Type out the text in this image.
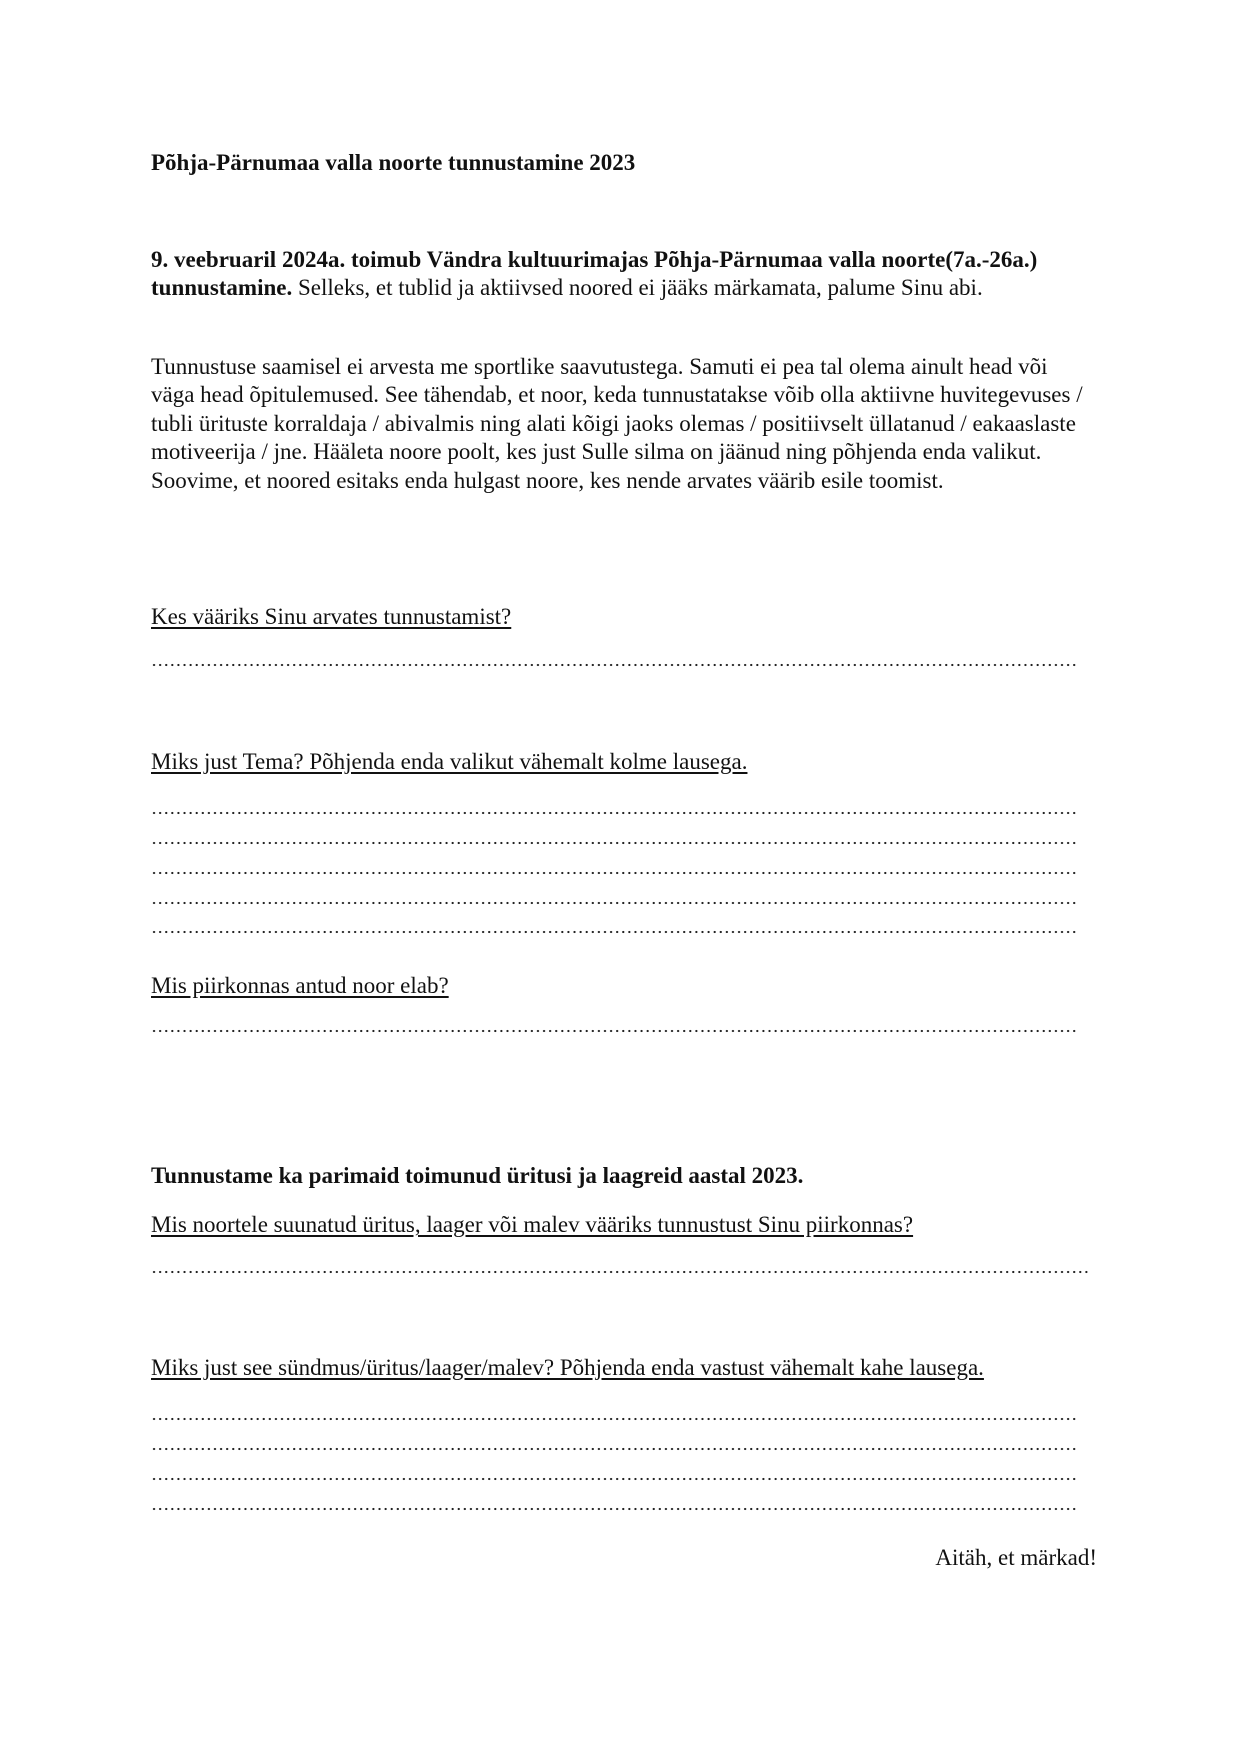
Põhja-Pärnumaa valla noorte tunnustamine 2023
9. veebruaril 2024a. toimub Vändra kultuurimajas Põhja-Pärnumaa valla noorte(7a.-26a.) tunnustamine. Selleks, et tublid ja aktiivsed noored ei jääks märkamata, palume Sinu abi.
Tunnustuse saamisel ei arvesta me sportlike saavutustega. Samuti ei pea tal olema ainult head või väga head õpitulemused. See tähendab, et noor, keda tunnustatakse võib olla aktiivne huvitegevuses / tubli ürituste korraldaja / abivalmis ning alati kõigi jaoks olemas / positiivselt üllatanud / eakaaslaste motiveerija / jne. Hääleta noore poolt, kes just Sulle silma on jäänud ning põhjenda enda valikut. Soovime, et noored esitaks enda hulgast noore, kes nende arvates väärib esile toomist.
Kes vääriks Sinu arvates tunnustamist?
Miks just Tema? Põhjenda enda valikut vähemalt kolme lausega.
Mis piirkonnas antud noor elab?
Tunnustame ka parimaid toimunud üritusi ja laagreid aastal 2023.
Mis noortele suunatud üritus, laager või malev vääriks tunnustust Sinu piirkonnas?
Miks just see sündmus/üritus/laager/malev? Põhjenda enda vastust vähemalt kahe lausega.
Aitäh, et märkad!
